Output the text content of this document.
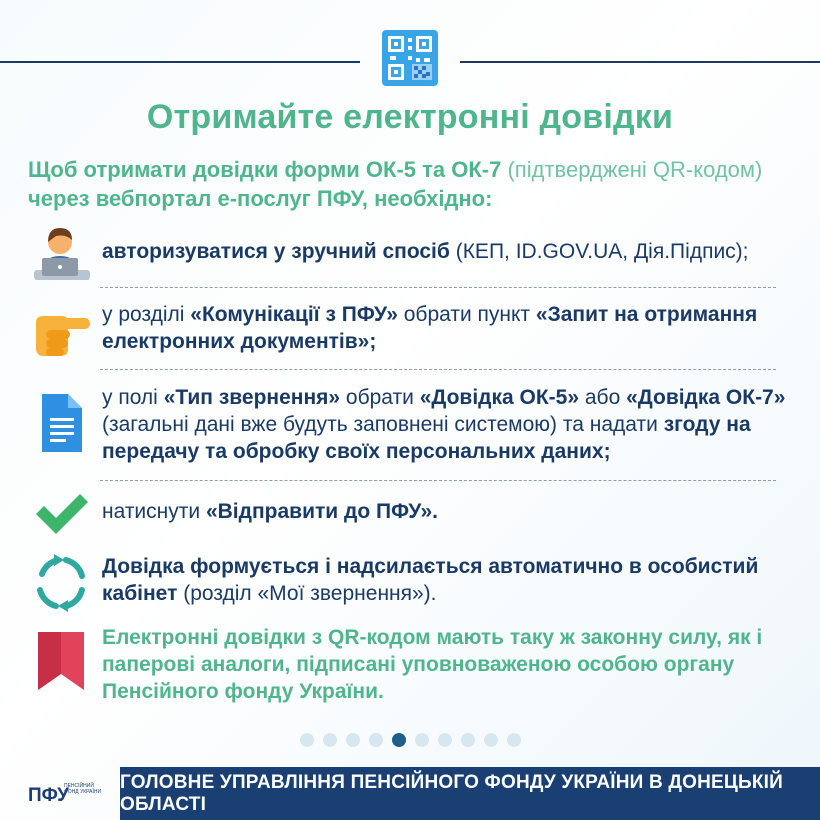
Отримайте електронні довідки
Щоб отримати довідки форми ОК-5 та ОК-7 (підтверджені QR-кодом) через вебпортал е-послуг ПФУ, необхідно:
авторизуватися у зручний спосіб (КЕП, ID.GOV.UA, Дія.Підпис);
у розділі «Комунікації з ПФУ» обрати пункт «Запит на отримання електронних документів»;
у полі «Тип звернення» обрати «Довідка ОК-5» або «Довідка ОК-7» (загальні дані вже будуть заповнені системою) та надати згоду на передачу та обробку своїх персональних даних;
натиснути «Відправити до ПФУ».
Довідка формується і надсилається автоматично в особистий кабінет (розділ «Мої звернення»).
Електронні довідки з QR-кодом мають таку ж законну силу, як і паперові аналоги, підписані уповноваженою особою органу Пенсійного фонду України.
ПФУ
ПЕНСІЙНИЙ ФОНД УКРАЇНИ ГОЛОВНЕ УПРАВЛІННЯ ПЕНСІЙНОГО ФОНДУ УКРАЇНИ В ДОНЕЦЬКІЙ ОБЛАСТІ
